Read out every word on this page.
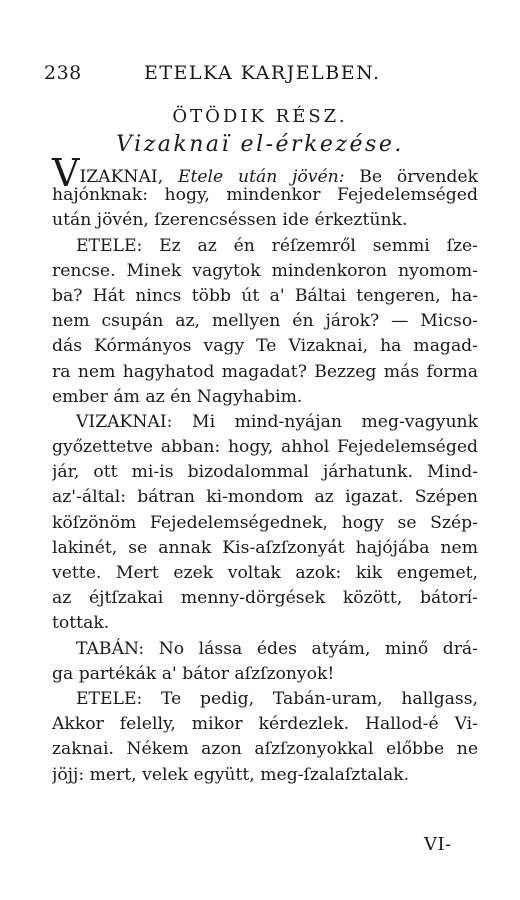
238	ETELKA KARJELBEN.
ÖTÖDIK RÉSZ.
Vizaknaï el-érkezése.
VIZAKNAI, Etele után jövén: Be örvendek
hajónknak: hogy, mindenkor Fejedelemséged
után jövén, ſzerencséssen ide érkeztünk.
ETELE: Ez az én réſzemről semmi ſze-
rencse. Minek vagytok mindenkoron nyomom-
ba? Hát nincs több út a' Báltai tengeren, ha-
nem csupán az, mellyen én járok? — Micso-
dás Kórmányos vagy Te Vizaknai, ha magad-
ra nem hagyhatod magadat? Bezzeg más forma
ember ám az én Nagyhabim.
VIZAKNAI: Mi mind-nyájan meg-vagyunk
győzettetve abban: hogy, ahhol Fejedelemséged
jár, ott mi-is bizodalommal járhatunk. Mind-
az'-által: bátran ki-mondom az igazat. Szépen
köſzönöm Fejedelemségednek, hogy se Szép-
lakinét, se annak Kis-aſzſzonyát hajójába nem
vette. Mert ezek voltak azok: kik engemet,
az éjtſzakai menny-dörgések között, bátorí-
tottak.
TABÁN: No lássa édes atyám, minő drá-
ga partékák a' bátor aſzſzonyok!
ETELE: Te pedig, Tabán-uram, hallgass,
Akkor felelly, mikor kérdezlek. Hallod-é Vi-
zaknai. Nékem azon aſzſzonyokkal előbbe ne
jöjj: mert, velek együtt, meg-ſzalaſztalak.
VI-
